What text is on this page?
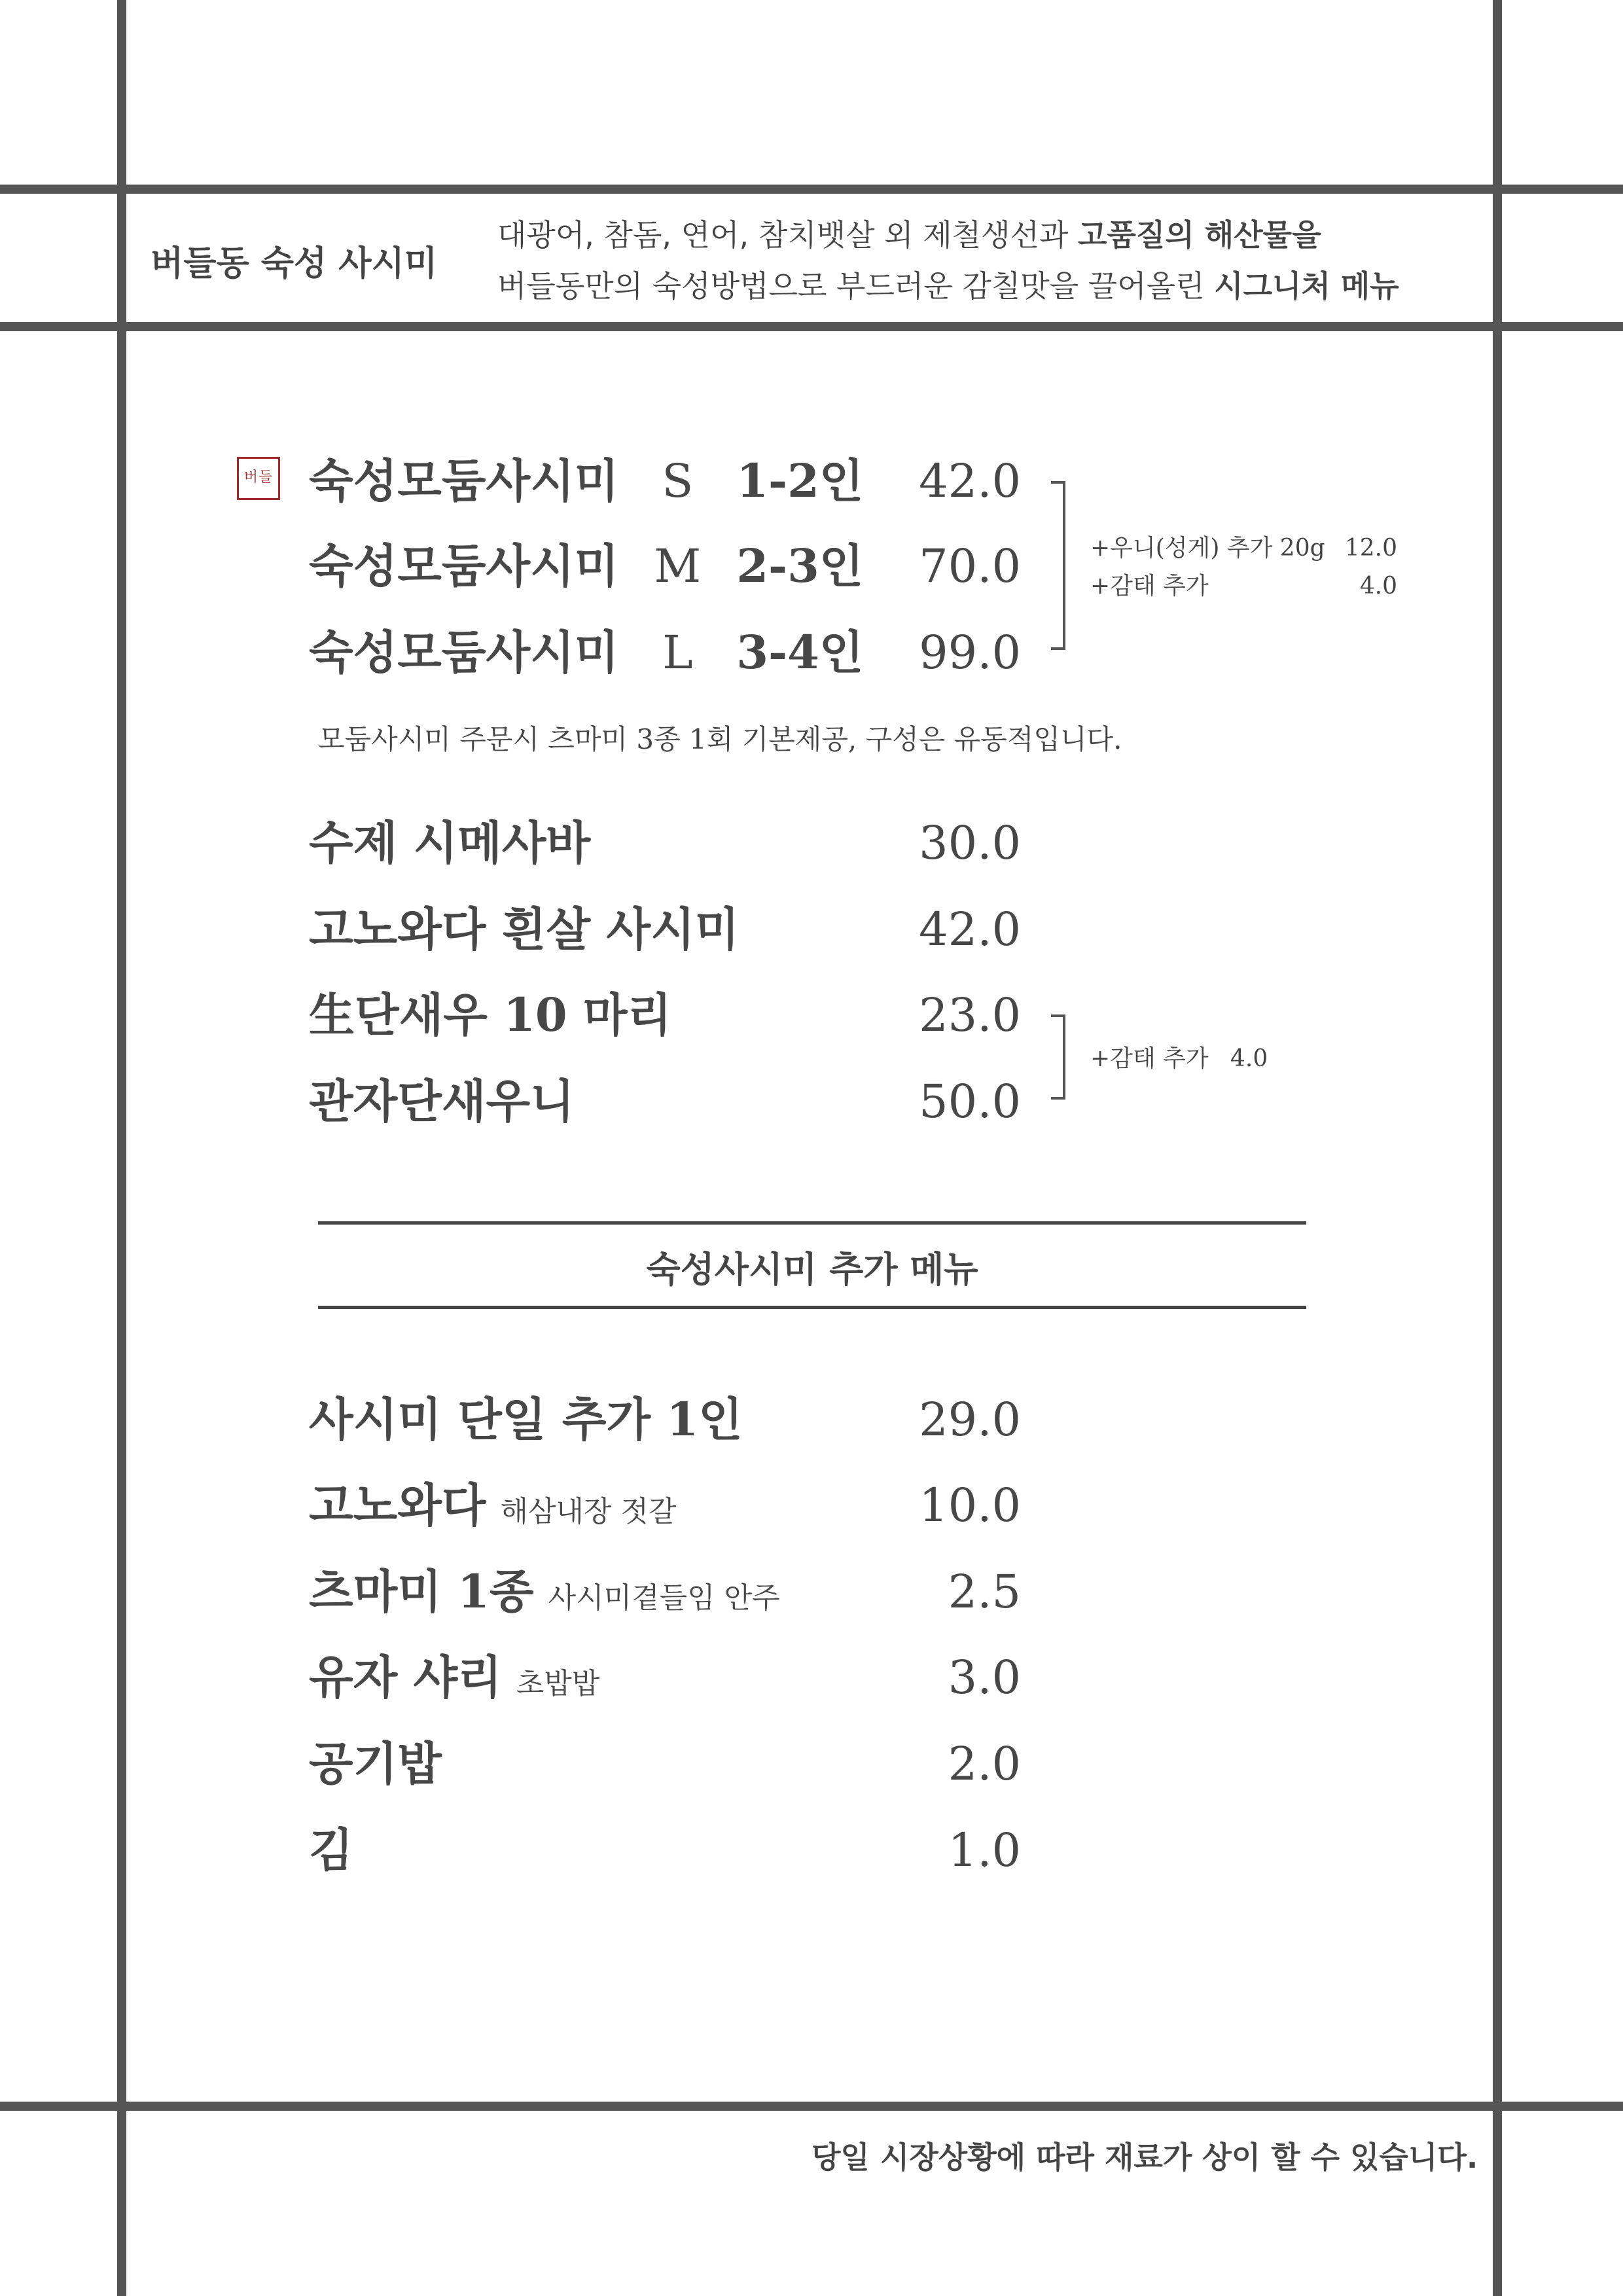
버들동 숙성 사시미
대광어, 참돔, 연어, 참치뱃살 외 제철생선과 고품질의 해산물을
버들동만의 숙성방법으로 부드러운 감칠맛을 끌어올린 시그니처 메뉴
버들 숙성모둠사시미 S 1-2인	42.0
숙성모둠사시미 M 2-3인	70.0
숙성모둠사시미 L 3-4인	99.0
+우니(성게) 추가 20g 12.0
+감태 추가	4.0
모둠사시미 주문시 츠마미 3종 1회 기본제공, 구성은 유동적입니다.
수제 시메사바	30.0
고노와다 흰살 사시미	42.0
生단새우 10 마리	23.0
관자단새우니	50.0
+감태 추가 4.0
숙성사시미 추가 메뉴
사시미 단일 추가 1인	29.0
고노와다 해삼내장 젓갈	10.0
츠마미 1종 사시미곁들임 안주	2.5
유자 샤리 초밥밥	3.0
공기밥	2.0
김	1.0
당일 시장상황에 따라 재료가 상이 할 수 있습니다.
